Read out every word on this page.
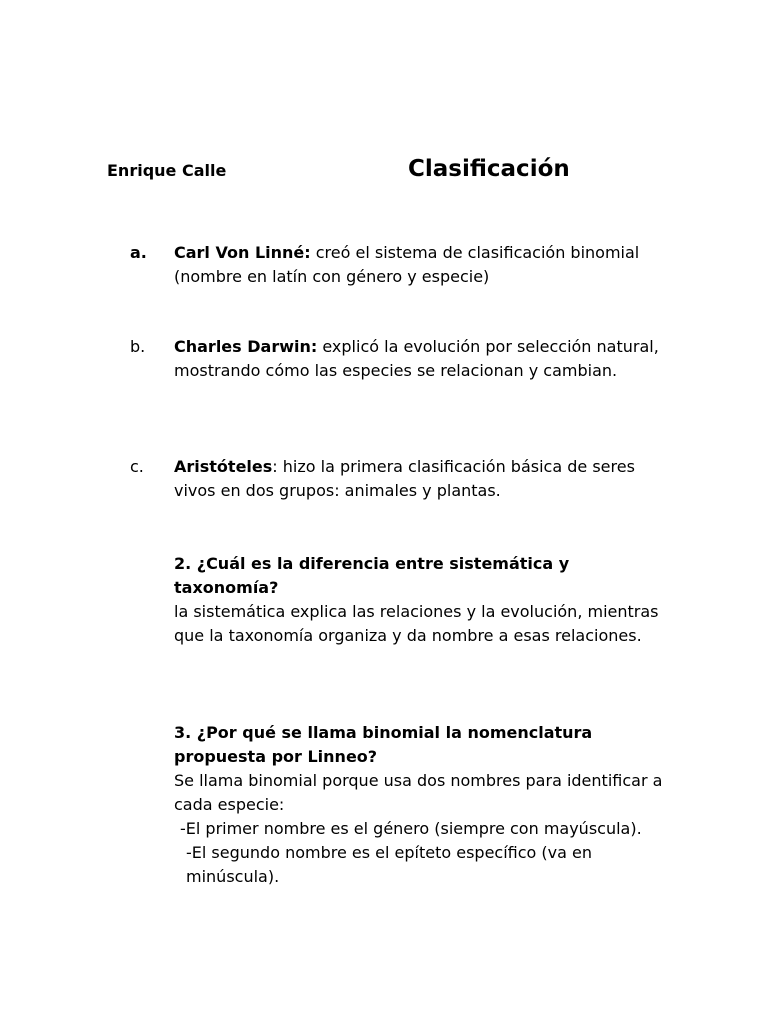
Enrique Calle	Clasificación
a. Carl Von Linné: creó el sistema de clasificación binomial (nombre en latín con género y especie)
b. Charles Darwin: explicó la evolución por selección natural, mostrando cómo las especies se relacionan y cambian.
c. Aristóteles: hizo la primera clasificación básica de seres vivos en dos grupos: animales y plantas.
2. ¿Cuál es la diferencia entre sistemática y taxonomía?
la sistemática explica las relaciones y la evolución, mientras que la taxonomía organiza y da nombre a esas relaciones.
3. ¿Por qué se llama binomial la nomenclatura propuesta por Linneo?
Se llama binomial porque usa dos nombres para identificar a cada especie:
-El primer nombre es el género (siempre con mayúscula).
-El segundo nombre es el epíteto específico (va en minúscula).
